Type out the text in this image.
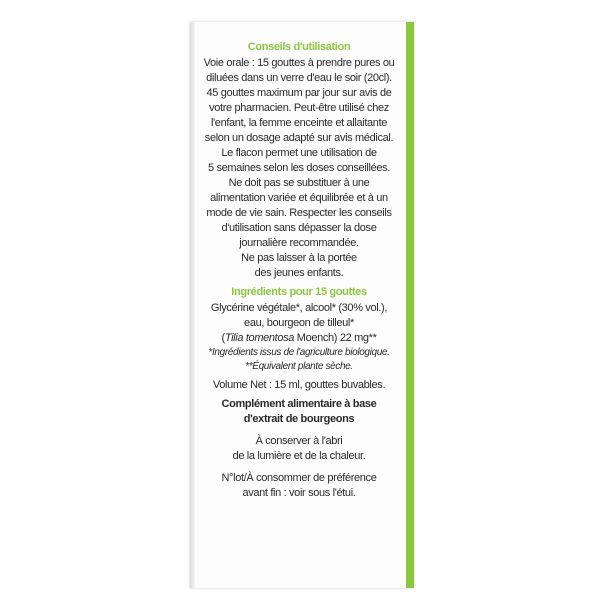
Conseils d'utilisation
Voie orale : 15 gouttes à prendre pures ou
diluées dans un verre d'eau le soir (20cl).
45 gouttes maximum par jour sur avis de
votre pharmacien. Peut-être utilisé chez
l'enfant, la femme enceinte et allaitante
selon un dosage adapté sur avis médical.
Le flacon permet une utilisation de
5 semaines selon les doses conseillées.
Ne doit pas se substituer à une
alimentation variée et équilibrée et à un
mode de vie sain. Respecter les conseils
d'utilisation sans dépasser la dose
journalière recommandée.
Ne pas laisser à la portée
des jeunes enfants.
Ingrédients pour 15 gouttes
Glycérine végétale*, alcool* (30% vol.),
eau, bourgeon de tilleul*
(Tilia tomentosa Moench) 22 mg**
*Ingrédients issus de l'agriculture biologique.
**Équivalent plante sèche.
Volume Net : 15 ml, gouttes buvables.
Complément alimentaire à base
d'extrait de bourgeons
À conserver à l'abri
de la lumière et de la chaleur.
N°lot/À consommer de préférence
avant fin : voir sous l'étui.
